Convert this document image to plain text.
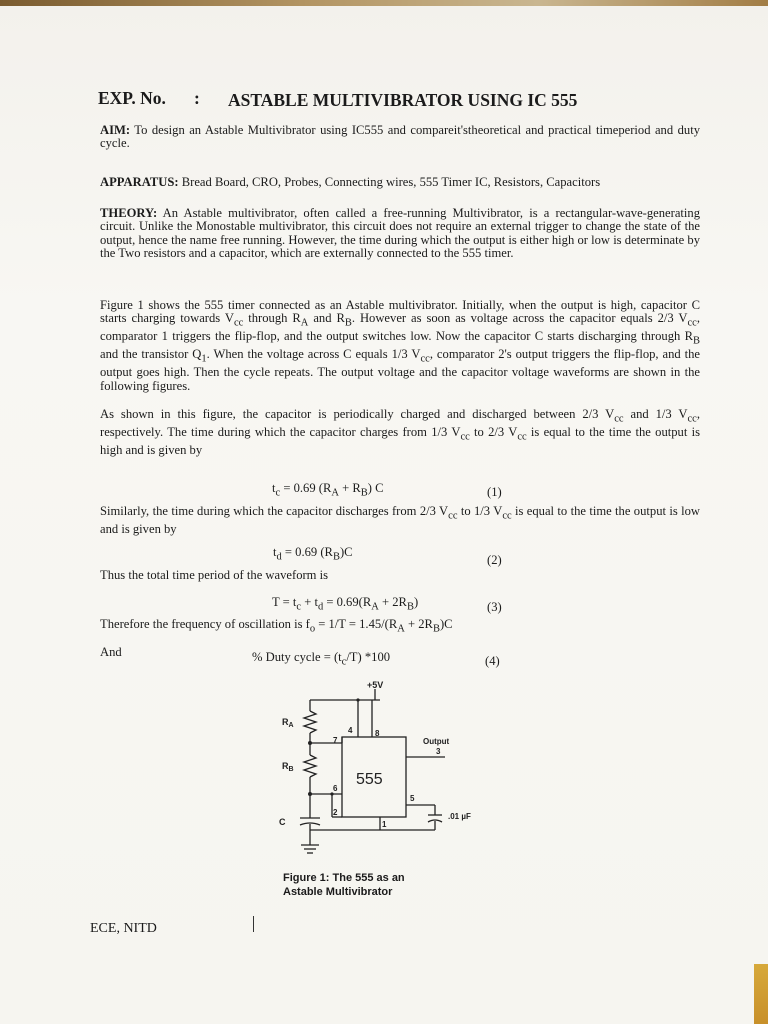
EXP. No. : ASTABLE MULTIVIBRATOR USING IC 555
AIM: To design an Astable Multivibrator using IC555 and compareit'stheoretical and practical timeperiod and duty cycle.
APPARATUS: Bread Board, CRO, Probes, Connecting wires, 555 Timer IC, Resistors, Capacitors
THEORY: An Astable multivibrator, often called a free-running Multivibrator, is a rectangular-wave-generating circuit. Unlike the Monostable multivibrator, this circuit does not require an external trigger to change the state of the output, hence the name free running. However, the time during which the output is either high or low is determinate by the Two resistors and a capacitor, which are externally connected to the 555 timer.
Figure 1 shows the 555 timer connected as an Astable multivibrator. Initially, when the output is high, capacitor C starts charging towards $V_{cc}$ through $R_A$ and $R_B$. However as soon as voltage across the capacitor equals 2/3 $V_{cc}$, comparator 1 triggers the flip-flop, and the output switches low. Now the capacitor C starts discharging through $R_B$ and the transistor $Q_1$. When the voltage across C equals 1/3 $V_{cc}$, comparator 2's output triggers the flip-flop, and the output goes high. Then the cycle repeats. The output voltage and the capacitor voltage waveforms are shown in the following figures.
As shown in this figure, the capacitor is periodically charged and discharged between 2/3 $V_{cc}$ and 1/3 $V_{cc}$, respectively. The time during which the capacitor charges from 1/3 $V_{cc}$ to 2/3 $V_{cc}$ is equal to the time the output is high and is given by
$t_c = 0.69$ $(R_A + R_B)$ C	(1)
Similarly, the time during which the capacitor discharges from 2/3 $V_{cc}$ to 1/3 $V_{cc}$ is equal to the time the output is low and is given by
$t_d = 0.69$ $(R_B)C$
(2)
Thus the total time period of the waveform is
$T = t_c + t_d = 0.69(R_A + 2R_B)$	(3)
Therefore the frequency of oscillation is $f_o = 1/T = 1.45/(R_A + 2R_B)C$
And	% Duty cycle = $(t_c/T)$ *100	(4)
+5V
$R_A$
$R_B$
C
4	8
7
6
2
1
5
3
Output
.01 µF
555
Figure 1: The 555 as an
Astable Multivibrator
ECE, NITD
